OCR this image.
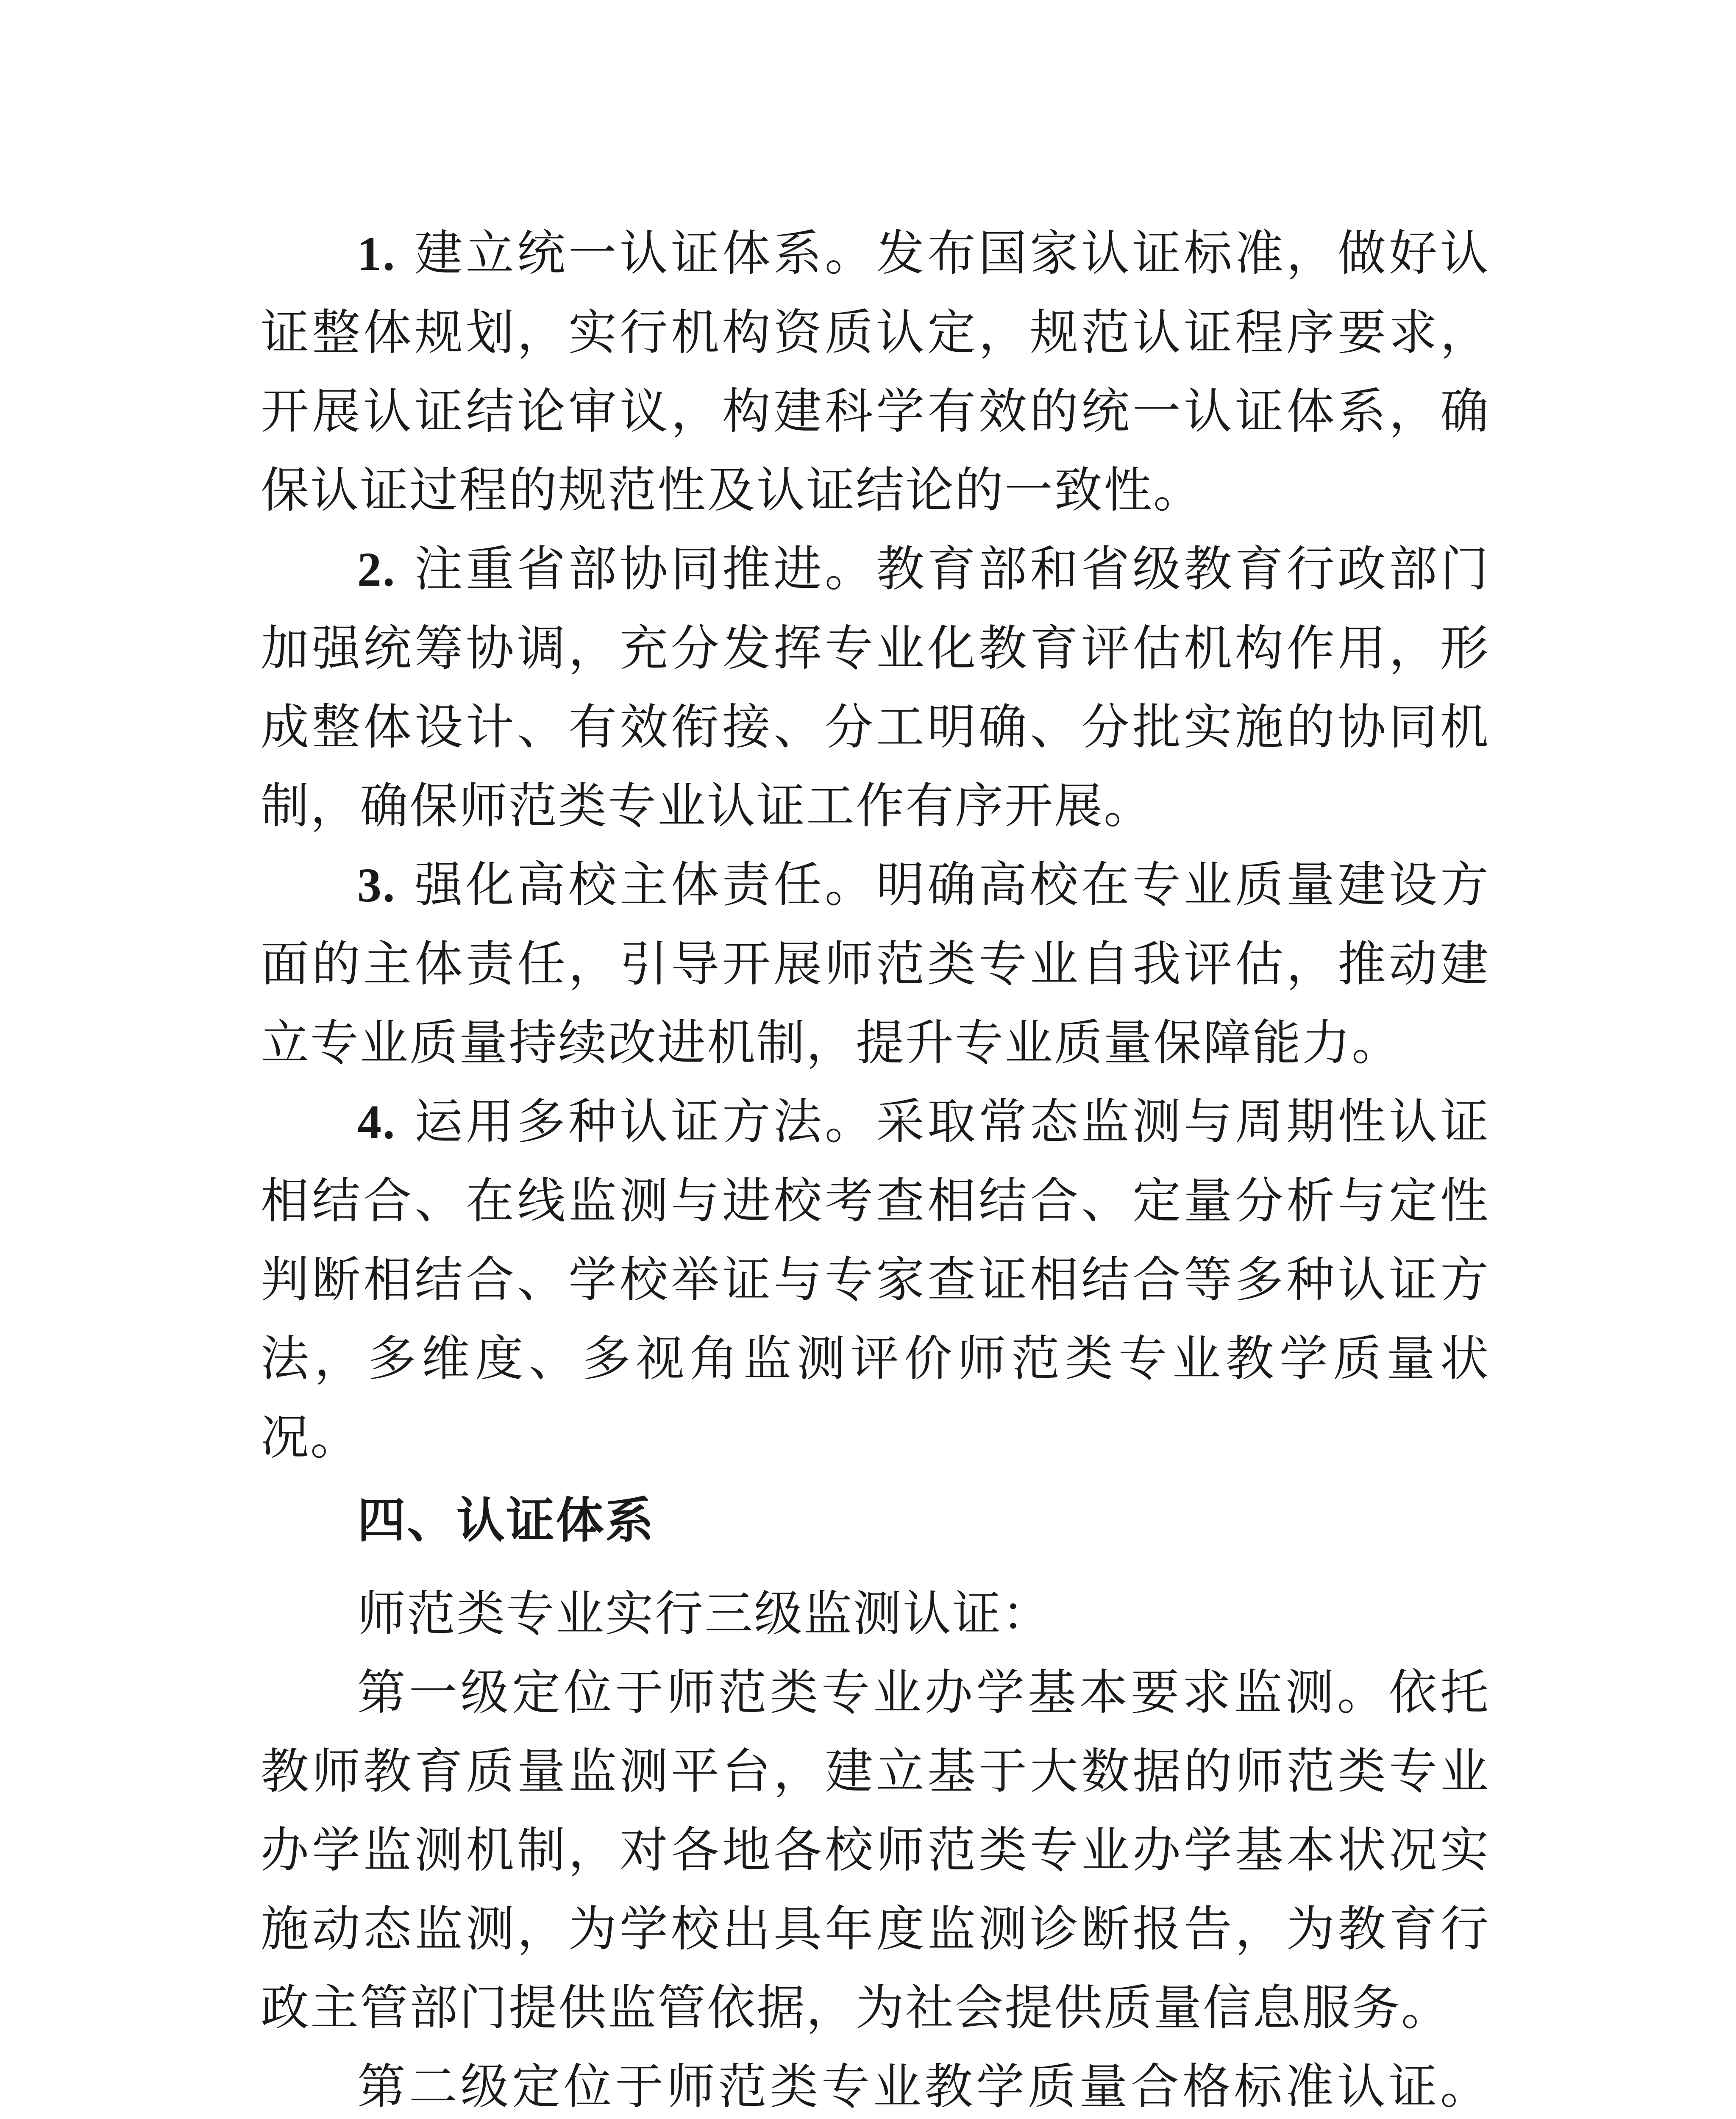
1. 建立统一认证体系。发布国家认证标准，做好认证整体规划，实行机构资质认定，规范认证程序要求，开展认证结论审议，构建科学有效的统一认证体系，确保认证过程的规范性及认证结论的一致性。

2. 注重省部协同推进。教育部和省级教育行政部门加强统筹协调，充分发挥专业化教育评估机构作用，形成整体设计、有效衔接、分工明确、分批实施的协同机制，确保师范类专业认证工作有序开展。

3. 强化高校主体责任。明确高校在专业质量建设方面的主体责任，引导开展师范类专业自我评估，推动建立专业质量持续改进机制，提升专业质量保障能力。

4. 运用多种认证方法。采取常态监测与周期性认证相结合、在线监测与进校考查相结合、定量分析与定性判断相结合、学校举证与专家查证相结合等多种认证方法，多维度、多视角监测评价师范类专业教学质量状况。

四、认证体系

师范类专业实行三级监测认证：

第一级定位于师范类专业办学基本要求监测。依托教师教育质量监测平台，建立基于大数据的师范类专业办学监测机制，对各地各校师范类专业办学基本状况实施动态监测，为学校出具年度监测诊断报告，为教育行政主管部门提供监管依据，为社会提供质量信息服务。

第二级定位于师范类专业教学质量合格标准认证。
